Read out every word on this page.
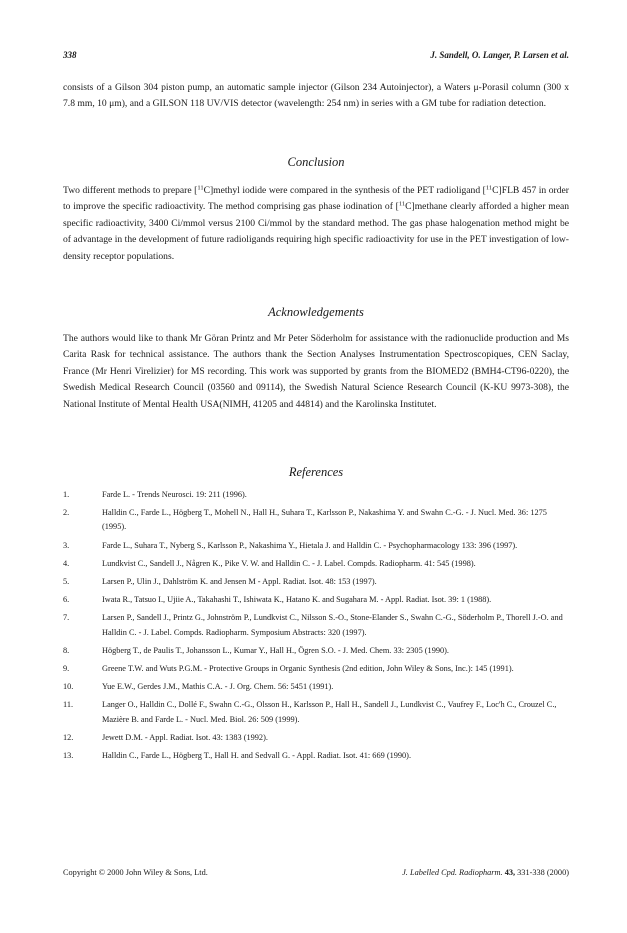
338	J. Sandell, O. Langer, P. Larsen et al.

consists of a Gilson 304 piston pump, an automatic sample injector (Gilson 234 Autoinjector), a Waters μ-Porasil column (300 x 7.8 mm, 10 μm), and a GILSON 118 UV/VIS detector (wavelength: 254 nm) in series with a GM tube for radiation detection.

Conclusion

Two different methods to prepare [$^{11}$C]methyl iodide were compared in the synthesis of the PET radioligand [$^{11}$C]FLB 457 in order to improve the specific radioactivity. The method comprising gas phase iodination of [$^{11}$C]methane clearly afforded a higher mean specific radioactivity, 3400 Ci/mmol versus 2100 Ci/mmol by the standard method. The gas phase halogenation method might be of advantage in the development of future radioligands requiring high specific radioactivity for use in the PET investigation of low-density receptor populations.

Acknowledgements

The authors would like to thank Mr Göran Printz and Mr Peter Söderholm for assistance with the radionuclide production and Ms Carita Rask for technical assistance. The authors thank the Section Analyses Instrumentation Spectroscopiques, CEN Saclay, France (Mr Henri Virelizier) for MS recording. This work was supported by grants from the BIOMED2 (BMH4-CT96-0220), the Swedish Medical Research Council (03560 and 09114), the Swedish Natural Science Research Council (K-KU 9973-308), the National Institute of Mental Health USA(NIMH, 41205 and 44814) and the Karolinska Institutet.

References
1.	Farde L. - Trends Neurosci. 19: 211 (1996).
2.	Halldin C., Farde L., Högberg T., Mohell N., Hall H., Suhara T., Karlsson P., Nakashima Y. and Swahn C.-G. - J. Nucl. Med. 36: 1275 (1995).
3.	Farde L., Suhara T., Nyberg S., Karlsson P., Nakashima Y., Hietala J. and Halldin C. - Psychopharmacology 133: 396 (1997).
4.	Lundkvist C., Sandell J., Någren K., Pike V. W. and Halldin C. - J. Label. Compds. Radiopharm. 41: 545 (1998).
5.	Larsen P., Ulin J., Dahlström K. and Jensen M - Appl. Radiat. Isot. 48: 153 (1997).
6.	Iwata R., Tatsuo I., Ujiie A., Takahashi T., Ishiwata K., Hatano K. and Sugahara M. - Appl. Radiat. Isot. 39: 1 (1988).
7.	Larsen P., Sandell J., Printz G., Johnström P., Lundkvist C., Nilsson S.-O., Stone-Elander S., Swahn C.-G., Söderholm P., Thorell J.-O. and Halldin C. - J. Label. Compds. Radiopharm. Symposium Abstracts: 320 (1997).
8.	Högberg T., de Paulis T., Johansson L., Kumar Y., Hall H., Ögren S.O. - J. Med. Chem. 33: 2305 (1990).
9.	Greene T.W. and Wuts P.G.M. - Protective Groups in Organic Synthesis (2nd edition, John Wiley & Sons, Inc.): 145 (1991).
10.	Yue E.W., Gerdes J.M., Mathis C.A. - J. Org. Chem. 56: 5451 (1991).
11.	Langer O., Halldin C., Dollé F., Swahn C.-G., Olsson H., Karlsson P., Hall H., Sandell J., Lundkvist C., Vaufrey F., Loc'h C., Crouzel C., Mazière B. and Farde L. - Nucl. Med. Biol. 26: 509 (1999).
12.	Jewett D.M. - Appl. Radiat. Isot. 43: 1383 (1992).
13.	Halldin C., Farde L., Högberg T., Hall H. and Sedvall G. - Appl. Radiat. Isot. 41: 669 (1990).
Copyright © 2000 John Wiley & Sons, Ltd.	J. Labelled Cpd. Radiopharm. 43, 331-338 (2000)
